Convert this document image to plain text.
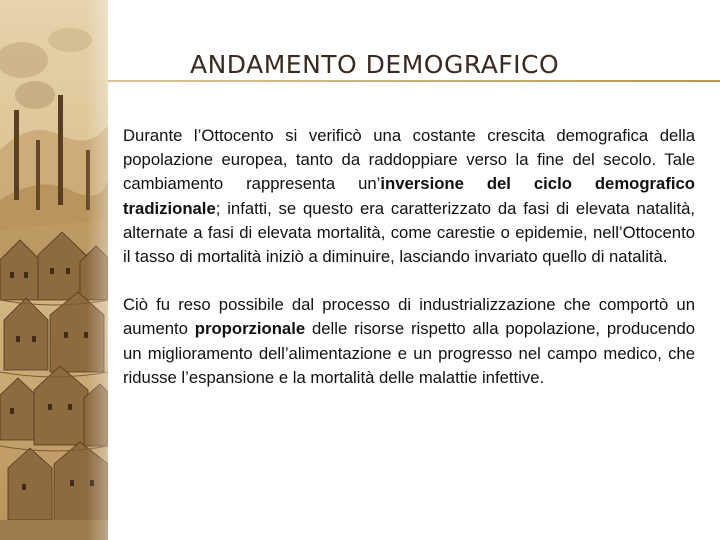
ANDAMENTO DEMOGRAFICO

Durante l’Ottocento si verificò una costante crescita demografica della popolazione europea, tanto da raddoppiare verso la fine del secolo. Tale cambiamento rappresenta un’inversione del ciclo demografico tradizionale; infatti, se questo era caratterizzato da fasi di elevata natalità, alternate a fasi di elevata mortalità, come carestie o epidemie, nell’Ottocento il tasso di mortalità iniziò a diminuire, lasciando invariato quello di natalità.

Ciò fu reso possibile dal processo di industrializzazione che comportò un aumento proporzionale delle risorse rispetto alla popolazione, producendo un miglioramento dell’alimentazione e un progresso nel campo medico, che ridusse l’espansione e la mortalità delle malattie infettive.
